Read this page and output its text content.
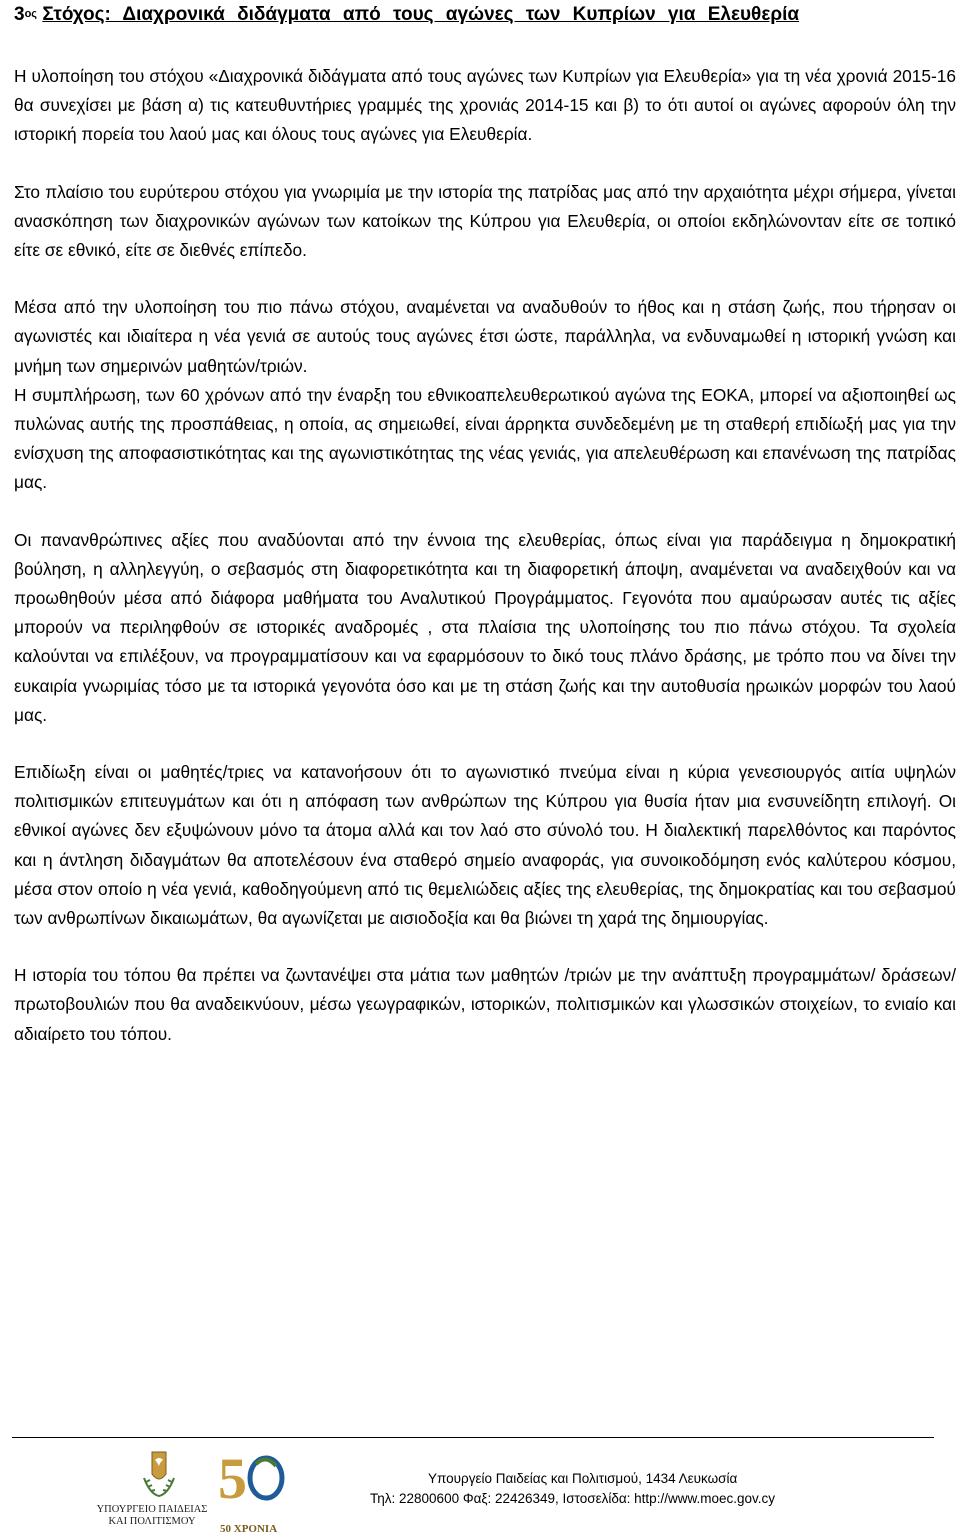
$3^{o\varsigma}$ Στόχος: Διαχρονικά διδάγματα από τους αγώνες των Κυπρίων για Ελευθερία

Η υλοποίηση του στόχου «Διαχρονικά διδάγματα από τους αγώνες των Κυπρίων για Ελευθερία» για τη νέα χρονιά 2015-16 θα συνεχίσει με βάση α) τις κατευθυντήριες γραμμές της χρονιάς 2014-15 και β) το ότι αυτοί οι αγώνες αφορούν όλη την ιστορική πορεία του λαού μας και όλους τους αγώνες για Ελευθερία.

Στο πλαίσιο του ευρύτερου στόχου για γνωριμία με την ιστορία της πατρίδας μας από την αρχαιότητα μέχρι σήμερα, γίνεται ανασκόπηση των διαχρονικών αγώνων των κατοίκων της Κύπρου για Ελευθερία, οι οποίοι εκδηλώνονταν είτε σε τοπικό είτε σε εθνικό, είτε σε διεθνές επίπεδο.

Μέσα από την υλοποίηση του πιο πάνω στόχου, αναμένεται να αναδυθούν το ήθος και η στάση ζωής, που τήρησαν οι αγωνιστές και ιδιαίτερα η νέα γενιά σε αυτούς τους αγώνες έτσι ώστε, παράλληλα, να ενδυναμωθεί η ιστορική γνώση και μνήμη των σημερινών μαθητών/τριών.

Η συμπλήρωση, των 60 χρόνων από την έναρξη του εθνικοαπελευθερωτικού αγώνα της ΕΟΚΑ, μπορεί να αξιοποιηθεί ως πυλώνας αυτής της προσπάθειας, η οποία, ας σημειωθεί, είναι άρρηκτα συνδεδεμένη με τη σταθερή επιδίωξή μας για την ενίσχυση της αποφασιστικότητας και της αγωνιστικότητας της νέας γενιάς, για απελευθέρωση και επανένωση της πατρίδας μας.

Οι πανανθρώπινες αξίες που αναδύονται από την έννοια της ελευθερίας, όπως είναι για παράδειγμα η δημοκρατική βούληση, η αλληλεγγύη, ο σεβασμός στη διαφορετικότητα και τη διαφορετική άποψη, αναμένεται να αναδειχθούν και να προωθηθούν μέσα από διάφορα μαθήματα του Αναλυτικού Προγράμματος. Γεγονότα που αμαύρωσαν αυτές τις αξίες μπορούν να περιληφθούν σε ιστορικές αναδρομές , στα πλαίσια της υλοποίησης του πιο πάνω στόχου. Τα σχολεία καλούνται να επιλέξουν, να προγραμματίσουν και να εφαρμόσουν το δικό τους πλάνο δράσης, με τρόπο που να δίνει την ευκαιρία γνωριμίας τόσο με τα ιστορικά γεγονότα όσο και με τη στάση ζωής και την αυτοθυσία ηρωικών μορφών του λαού μας.

Επιδίωξη είναι οι μαθητές/τριες να κατανοήσουν ότι το αγωνιστικό πνεύμα είναι η κύρια γενεσιουργός αιτία υψηλών πολιτισμικών επιτευγμάτων και ότι η απόφαση των ανθρώπων της Κύπρου για θυσία ήταν μια ενσυνείδητη επιλογή. Οι εθνικοί αγώνες δεν εξυψώνουν μόνο τα άτομα αλλά και τον λαό στο σύνολό του. Η διαλεκτική παρελθόντος και παρόντος και η άντληση διδαγμάτων θα αποτελέσουν ένα σταθερό σημείο αναφοράς, για συνοικοδόμηση ενός καλύτερου κόσμου, μέσα στον οποίο η νέα γενιά, καθοδηγούμενη από τις θεμελιώδεις αξίες της ελευθερίας, της δημοκρατίας και του σεβασμού των ανθρωπίνων δικαιωμάτων, θα αγωνίζεται με αισιοδοξία και θα βιώνει τη χαρά της δημιουργίας.

Η ιστορία του τόπου θα πρέπει να ζωντανέψει στα μάτια των μαθητών /τριών με την ανάπτυξη προγραμμάτων/ δράσεων/πρωτοβουλιών που θα αναδεικνύουν, μέσω γεωγραφικών, ιστορικών, πολιτισμικών και γλωσσικών στοιχείων, το ενιαίο και αδιαίρετο του τόπου.

5
ΥΠΟΥΡΓΕΙΟ ΠΑΙΔΕΙΑΣ
ΚΑΙ ΠΟΛΙΤΙΣΜΟΥ
50 ΧΡΟΝΙΑ
Υπουργείο Παιδείας και Πολιτισμού, 1434 Λευκωσία
Τηλ: 22800600 Φαξ: 22426349, Ιστοσελίδα: http://www.moec.gov.cy
